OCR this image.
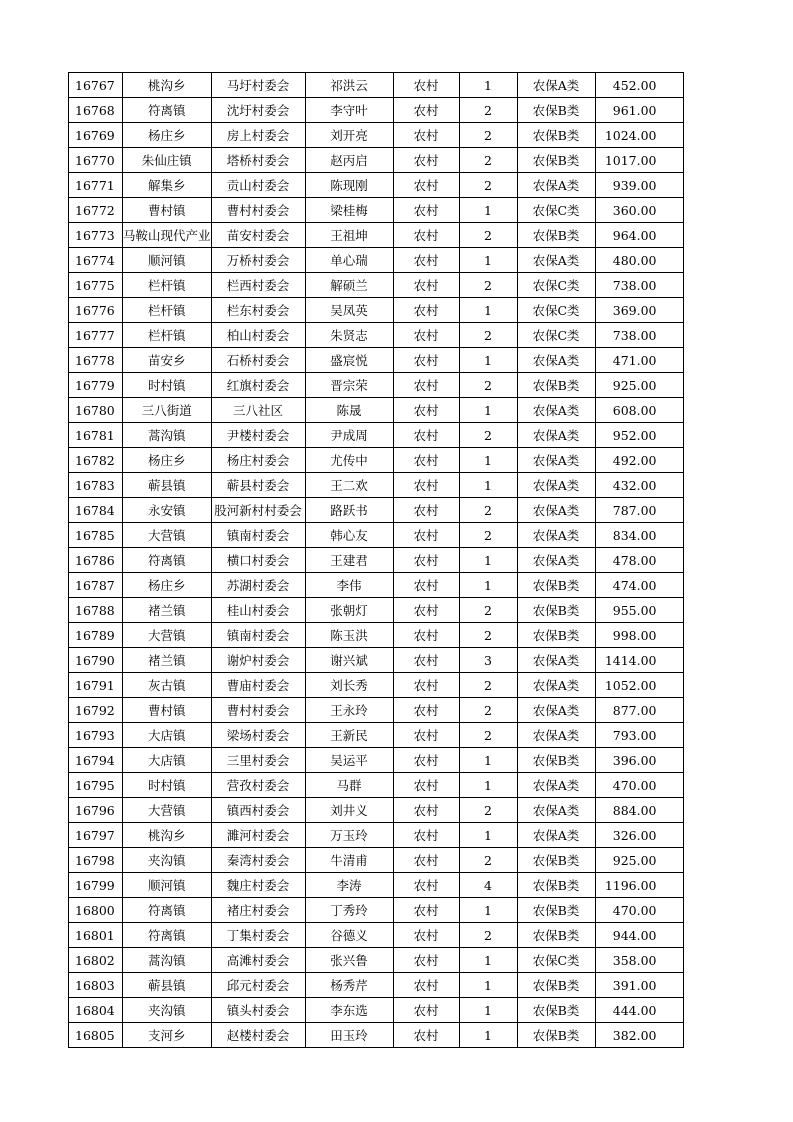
16767	桃沟乡	马圩村委会	祁洪云	农村	1	农保A类	452.00
16768	符离镇	沈圩村委会	李守叶	农村	2	农保B类	961.00
16769	杨庄乡	房上村委会	刘开亮	农村	2	农保B类	1024.00
16770	朱仙庄镇	塔桥村委会	赵丙启	农村	2	农保B类	1017.00
16771	解集乡	贡山村委会	陈现刚	农村	2	农保A类	939.00
16772	曹村镇	曹村村委会	梁桂梅	农村	1	农保C类	360.00
16773	马鞍山现代产业	苗安村委会	王祖坤	农村	2	农保B类	964.00
16774	顺河镇	万桥村委会	单心瑞	农村	1	农保A类	480.00
16775	栏杆镇	栏西村委会	解硕兰	农村	2	农保C类	738.00
16776	栏杆镇	栏东村委会	吴凤英	农村	1	农保C类	369.00
16777	栏杆镇	柏山村委会	朱贤志	农村	2	农保C类	738.00
16778	苗安乡	石桥村委会	盛宸悦	农村	1	农保A类	471.00
16779	时村镇	红旗村委会	晋宗荣	农村	2	农保B类	925.00
16780	三八街道	三八社区	陈晟	农村	1	农保A类	608.00
16781	蒿沟镇	尹楼村委会	尹成周	农村	2	农保A类	952.00
16782	杨庄乡	杨庄村委会	尤传中	农村	1	农保A类	492.00
16783	蕲县镇	蕲县村委会	王二欢	农村	1	农保A类	432.00
16784	永安镇	股河新村村委会	路跃书	农村	2	农保A类	787.00
16785	大营镇	镇南村委会	韩心友	农村	2	农保A类	834.00
16786	符离镇	横口村委会	王建君	农村	1	农保A类	478.00
16787	杨庄乡	苏湖村委会	李伟	农村	1	农保B类	474.00
16788	褚兰镇	桂山村委会	张朝灯	农村	2	农保B类	955.00
16789	大营镇	镇南村委会	陈玉洪	农村	2	农保B类	998.00
16790	褚兰镇	谢炉村委会	谢兴斌	农村	3	农保A类	1414.00
16791	灰古镇	曹庙村委会	刘长秀	农村	2	农保A类	1052.00
16792	曹村镇	曹村村委会	王永玲	农村	2	农保A类	877.00
16793	大店镇	梁场村委会	王新民	农村	2	农保A类	793.00
16794	大店镇	三里村委会	吴运平	农村	1	农保B类	396.00
16795	时村镇	营孜村委会	马群	农村	1	农保A类	470.00
16796	大营镇	镇西村委会	刘井义	农村	2	农保A类	884.00
16797	桃沟乡	濉河村委会	万玉玲	农村	1	农保A类	326.00
16798	夹沟镇	秦湾村委会	牛清甫	农村	2	农保B类	925.00
16799	顺河镇	魏庄村委会	李涛	农村	4	农保B类	1196.00
16800	符离镇	褚庄村委会	丁秀玲	农村	1	农保B类	470.00
16801	符离镇	丁集村委会	谷德义	农村	2	农保B类	944.00
16802	蒿沟镇	高滩村委会	张兴鲁	农村	1	农保C类	358.00
16803	蕲县镇	邱元村委会	杨秀芹	农村	1	农保B类	391.00
16804	夹沟镇	镇头村委会	李东选	农村	1	农保B类	444.00
16805	支河乡	赵楼村委会	田玉玲	农村	1	农保B类	382.00
